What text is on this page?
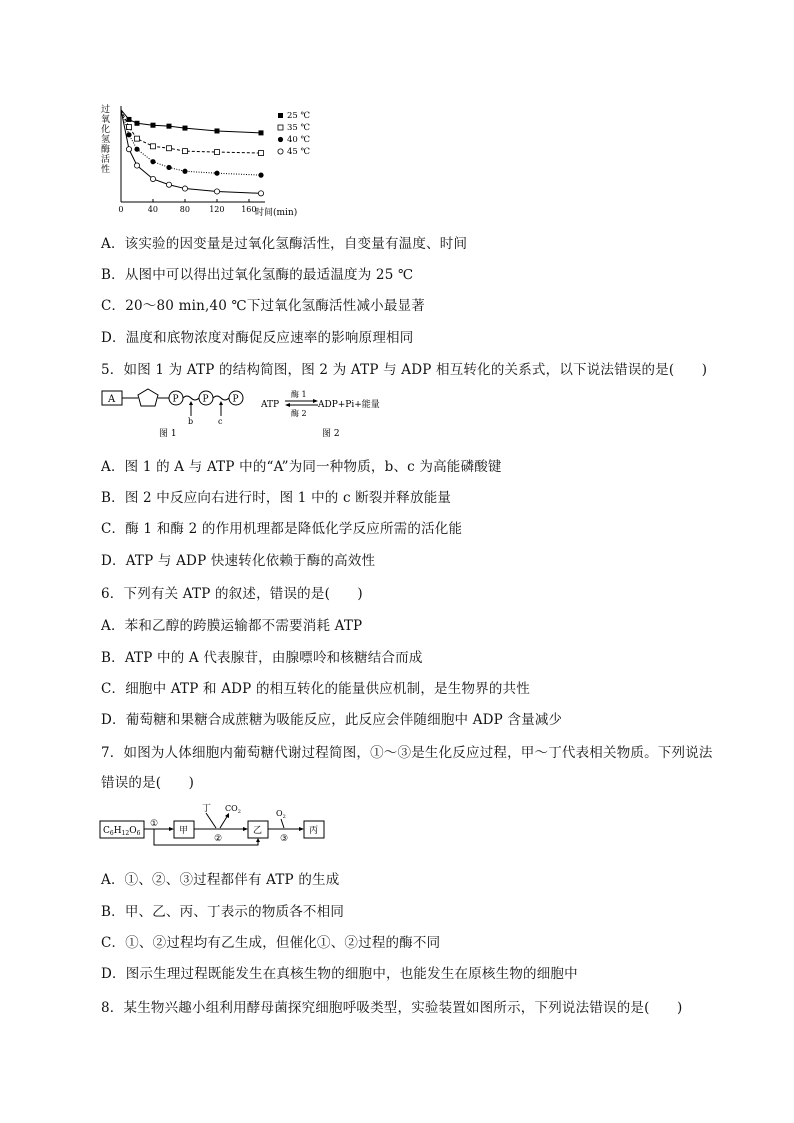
过
氧
化
氢
酶
活
性
0	40	80 120 160
时间(min)
25 ℃
35 ℃
40 ℃
45 ℃
A．该实验的因变量是过氧化氢酶活性，自变量有温度、时间
B．从图中可以得出过氧化氢酶的最适温度为 25 ℃
C．20～80 min,40 ℃下过氧化氢酶活性减小最显著
D．温度和底物浓度对酶促反应速率的影响原理相同
5．如图 1 为 ATP 的结构简图，图 2 为 ATP 与 ADP 相互转化的关系式，以下说法错误的是(　　)
A	P	P	P
b	c
图 1
ATP
酶 1
酶 2
ADP+Pi+能量
图 2
A．图 1 的 A 与 ATP 中的“A”为同一种物质，b、c 为高能磷酸键
B．图 2 中反应向右进行时，图 1 中的 c 断裂并释放能量
C．酶 1 和酶 2 的作用机理都是降低化学反应所需的活化能
D．ATP 与 ADP 快速转化依赖于酶的高效性
6．下列有关 ATP 的叙述，错误的是(　　)
A．苯和乙醇的跨膜运输都不需要消耗 ATP
B．ATP 中的 A 代表腺苷，由腺嘌呤和核糖结合而成
C．细胞中 ATP 和 ADP 的相互转化的能量供应机制，是生物界的共性
D．葡萄糖和果糖合成蔗糖为吸能反应，此反应会伴随细胞中 ADP 含量减少
7．如图为人体细胞内葡萄糖代谢过程简图，①～③是生化反应过程，甲～丁代表相关物质。下列说法
错误的是(　　)
$C_6H_{12}O_6$
①
甲
丁 $CO_2$
②
乙
$O_2$
③
丙
A．①、②、③过程都伴有 ATP 的生成
B．甲、乙、丙、丁表示的物质各不相同
C．①、②过程均有乙生成，但催化①、②过程的酶不同
D．图示生理过程既能发生在真核生物的细胞中，也能发生在原核生物的细胞中
8．某生物兴趣小组利用酵母菌探究细胞呼吸类型，实验装置如图所示，下列说法错误的是(　　)
